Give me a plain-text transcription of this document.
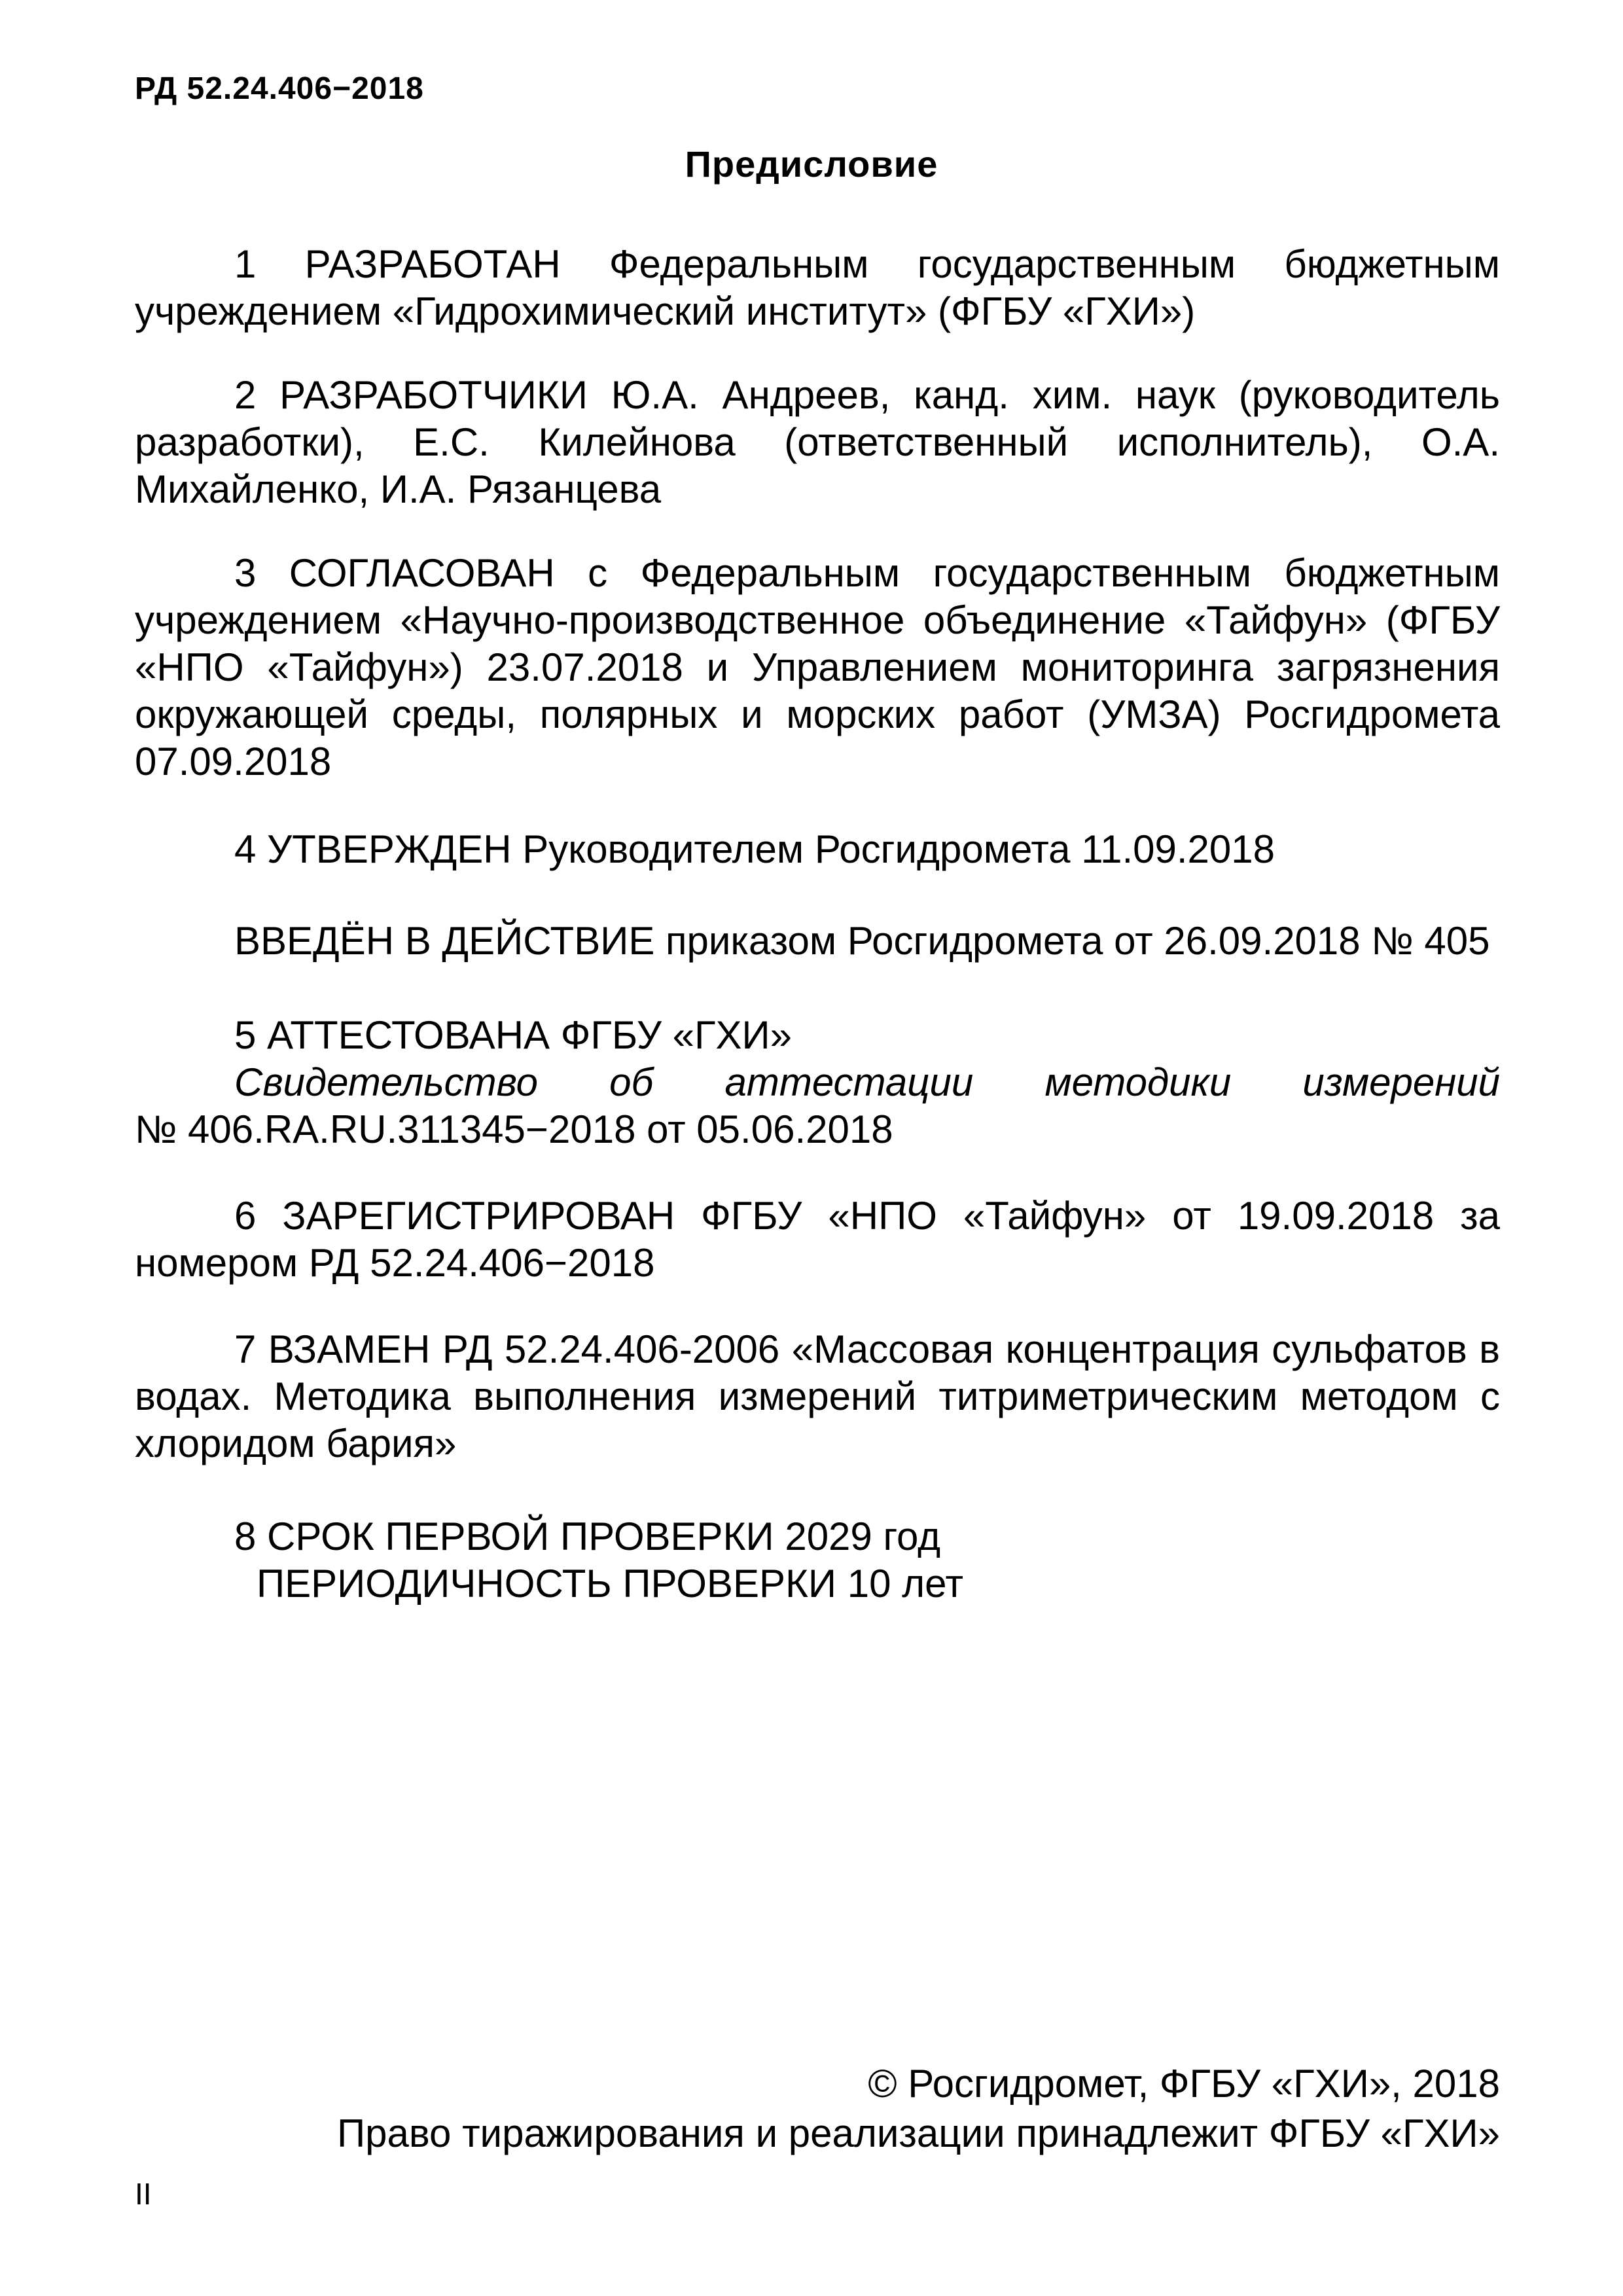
РД 52.24.406−2018
Предисловие
1 РАЗРАБОТАН Федеральным государственным бюджетным учреждением «Гидрохимический институт» (ФГБУ «ГХИ»)
2 РАЗРАБОТЧИКИ Ю.А. Андреев, канд. хим. наук (руководитель разработки), Е.С. Килейнова (ответственный исполнитель), О.А. Михайленко, И.А. Рязанцева
3 СОГЛАСОВАН с Федеральным государственным бюджетным учреждением «Научно-производственное объединение «Тайфун» (ФГБУ «НПО «Тайфун») 23.07.2018 и Управлением мониторинга загрязнения окружающей среды, полярных и морских работ (УМЗА) Росгидромета 07.09.2018
4 УТВЕРЖДЕН Руководителем Росгидромета 11.09.2018
ВВЕДЁН В ДЕЙСТВИЕ приказом Росгидромета от 26.09.2018 № 405
5 АТТЕСТОВАНА ФГБУ «ГХИ»
Свидетельство об аттестации методики измерений
№ 406.RA.RU.311345−2018 от 05.06.2018
6 ЗАРЕГИСТРИРОВАН ФГБУ «НПО «Тайфун» от 19.09.2018 за номером РД 52.24.406−2018
7 ВЗАМЕН РД 52.24.406-2006 «Массовая концентрация сульфатов в водах. Методика выполнения измерений титриметрическим методом с хлоридом бария»
8 СРОК ПЕРВОЙ ПРОВЕРКИ 2029 год
ПЕРИОДИЧНОСТЬ ПРОВЕРКИ 10 лет
© Росгидромет, ФГБУ «ГХИ», 2018
Право тиражирования и реализации принадлежит ФГБУ «ГХИ»
II
